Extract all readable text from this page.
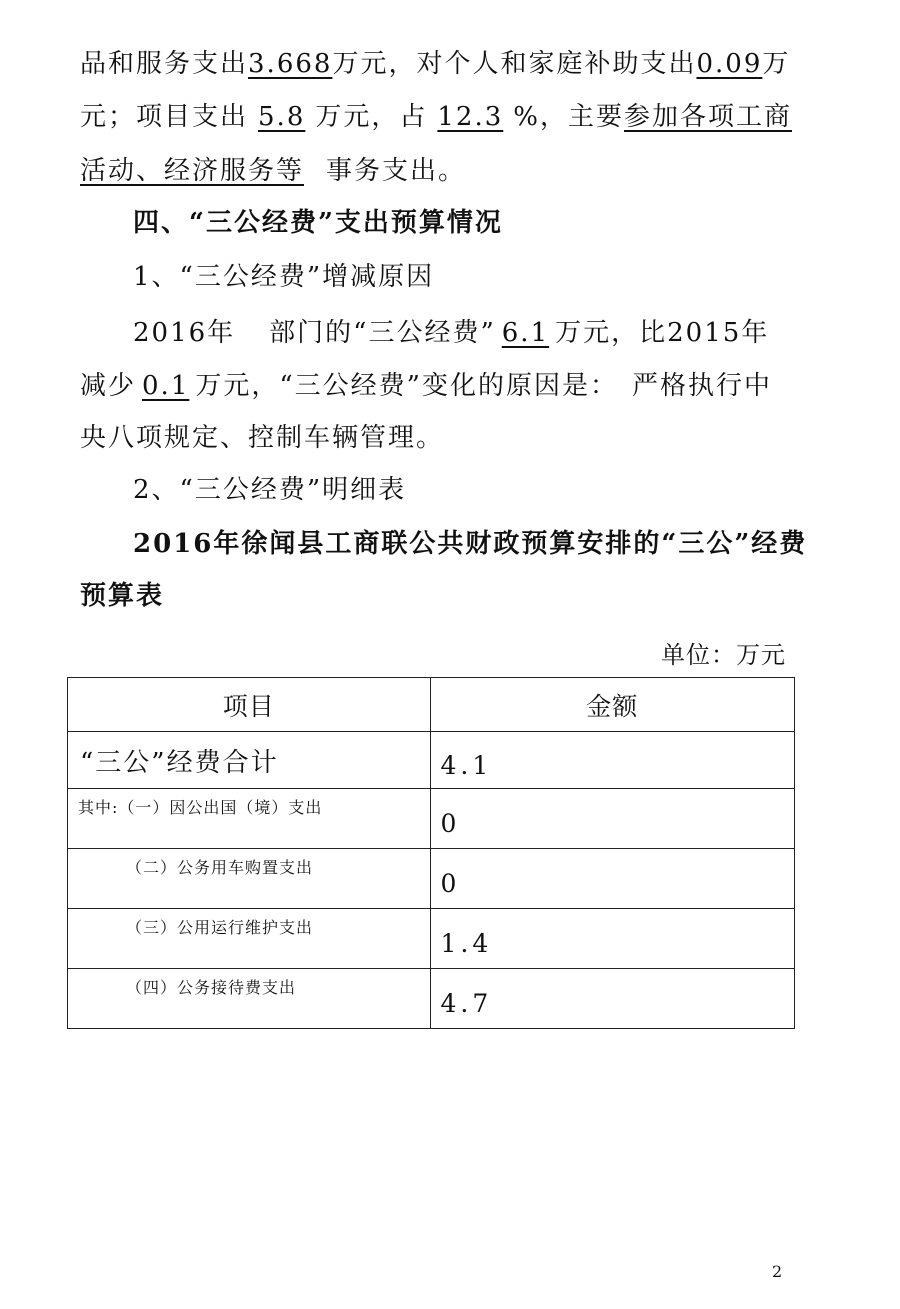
品和服务支出3.668万元，对个人和家庭补助支出0.09万
元；项目支出 5.8 万元，占 12.3 %，主要参加各项工商
活动、经济服务等 事务支出。
四、“三公经费”支出预算情况
1、“三公经费”增减原因
2016年 部门的“三公经费” 6.1 万元，比2015年
减少 0.1 万元，“三公经费”变化的原因是： 严格执行中
央八项规定、控制车辆管理。
2、“三公经费”明细表
2016年徐闻县工商联公共财政预算安排的“三公”经费
预算表
单位：万元
项目	金额
“三公”经费合计	4.1
其中:（一）因公出国（境）支出	0
（二）公务用车购置支出	0
（三）公用运行维护支出	1.4
（四）公务接待费支出	4.7
2
